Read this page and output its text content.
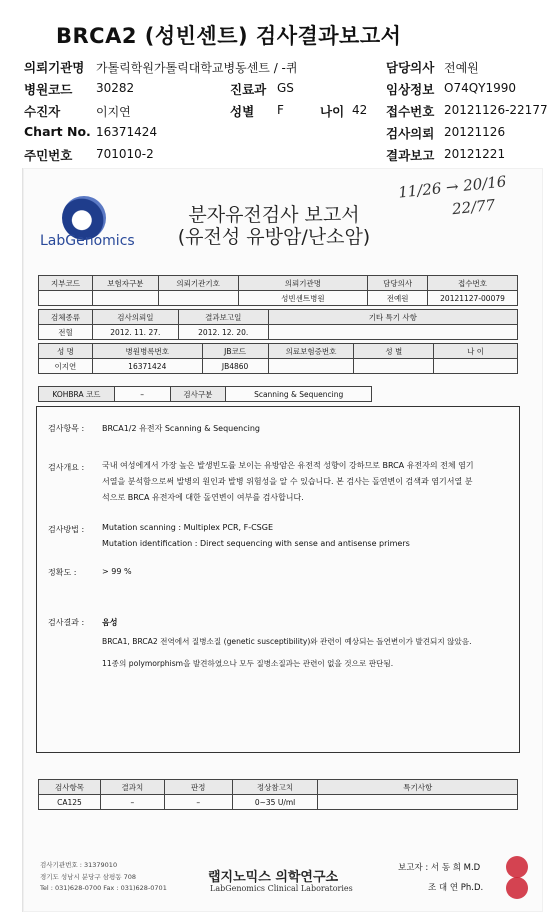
BRCA2 (성빈센트) 검사결과보고서
의뢰기관명 가톨릭학원가톨릭대학교병동센트 / -퀴	담당의사 전예원
병원코드 30282	진료과 GS	임상정보 O74QY1990
수진자	이지연	성별 F	나이 42 접수번호 20121126-22177
Chart No. 16371424	검사의뢰 20121126
주민번호 701010-2	결과보고 20121221
LabGenomics
분자유전검사 보고서
(유전성 유방암/난소암)
11/26 → 20/16
22/77
지부코드	보험자구분	의뢰기관기호	의뢰기관명	담당의사	접수번호
			성빈센트병원	전예원	20121127-00079
검체종류	검사의뢰일	결과보고일	기타 특기 사항
전혈	2012. 11. 27.	2012. 12. 20.	
성 명	병원병록번호	JB코드	의료보험증번호	성 별	나 이
이지연	16371424	JB4860			
KOHBRA 코드	–	검사구분	Scanning & Sequencing
검사항목 : BRCA1/2 유전자 Scanning & Sequencing
검사개요 : 국내 여성에게서 가장 높은 발생빈도를 보이는 유방암은 유전적 성향이 강하므로 BRCA 유전자의 전체 염기
서열을 분석함으로써 발병의 원인과 발병 위험성을 알 수 있습니다. 본 검사는 돌연변이 검색과 염기서열 분
석으로 BRCA 유전자에 대한 돌연변이 여부를 검사합니다.
검사방법 : Mutation scanning : Multiplex PCR, F-CSGE
Mutation identification : Direct sequencing with sense and antisense primers
정확도 :	> 99 %
검사결과 : 음성
BRCA1, BRCA2 전역에서 질병소질 (genetic susceptibility)와 관련이 예상되는 돌연변이가 발견되지 않았음.
11종의 polymorphism을 발견하였으나 모두 질병소질과는 관련이 없을 것으로 판단됨.
검사항목	결과치	판정	정상참고치	특기사항
CA125	–	–	0~35 U/ml	
검사기관번호 : 31379010
경기도 성남시 분당구 삼평동 708
Tel : 031)628-0700 Fax : 031)628-0701
랩지노믹스 의학연구소
LabGenomics Clinical Laboratories
보고자 : 서 동 희 M.D
조 대 연 Ph.D.
